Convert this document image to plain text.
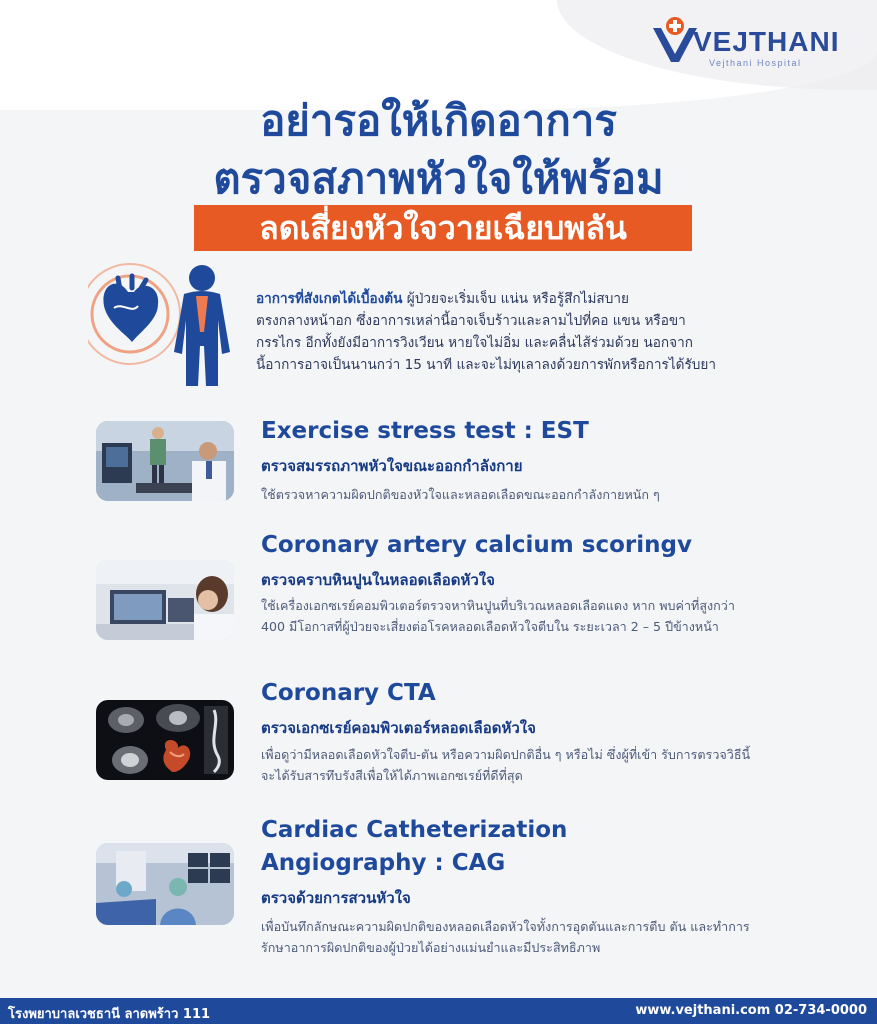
VEJTHANI
Vejthani Hospital
อย่ารอให้เกิดอาการ
ตรวจสภาพหัวใจให้พร้อม
ลดเสี่ยงหัวใจวายเฉียบพลัน
อาการที่สังเกตได้เบื้องต้น ผู้ป่วยจะเริ่มเจ็บ แน่น หรือรู้สึกไม่สบาย
ตรงกลางหน้าอก ซึ่งอาการเหล่านี้อาจเจ็บร้าวและลามไปที่คอ แขน หรือขา
กรรไกร อีกทั้งยังมีอาการวิงเวียน หายใจไม่อิ่ม และคลื่นไส้ร่วมด้วย นอกจาก
นี้อาการอาจเป็นนานกว่า 15 นาที และจะไม่ทุเลาลงด้วยการพักหรือการได้รับยา
Exercise stress test : EST
ตรวจสมรรถภาพหัวใจขณะออกกำลังกาย
ใช้ตรวจหาความผิดปกติของหัวใจและหลอดเลือดขณะออกกำลังกายหนัก ๆ
Coronary artery calcium scoringv
ตรวจคราบหินปูนในหลอดเลือดหัวใจ
ใช้เครื่องเอกซเรย์คอมพิวเตอร์ตรวจหาหินปูนที่บริเวณหลอดเลือดแดง หาก พบค่าที่สูงกว่า 400 มีโอกาสที่ผู้ป่วยจะเสี่ยงต่อโรคหลอดเลือดหัวใจตีบใน ระยะเวลา 2 – 5 ปีข้างหน้า
Coronary CTA
ตรวจเอกซเรย์คอมพิวเตอร์หลอดเลือดหัวใจ
เพื่อดูว่ามีหลอดเลือดหัวใจตีบ-ตัน หรือความผิดปกติอื่น ๆ หรือไม่ ซึ่งผู้ที่เข้า รับการตรวจวิธีนี้จะได้รับสารทึบรังสีเพื่อให้ได้ภาพเอกซเรย์ที่ดีที่สุด
Cardiac Catheterization
Angiography : CAG
ตรวจด้วยการสวนหัวใจ
เพื่อบันทึกลักษณะความผิดปกติของหลอดเลือดหัวใจทั้งการอุดตันและการตีบ ตัน และทำการรักษาอาการผิดปกติของผู้ป่วยได้อย่างแม่นยำและมีประสิทธิภาพ
โรงพยาบาลเวชธานี ลาดพร้าว 111	www.vejthani.com 02-734-0000
